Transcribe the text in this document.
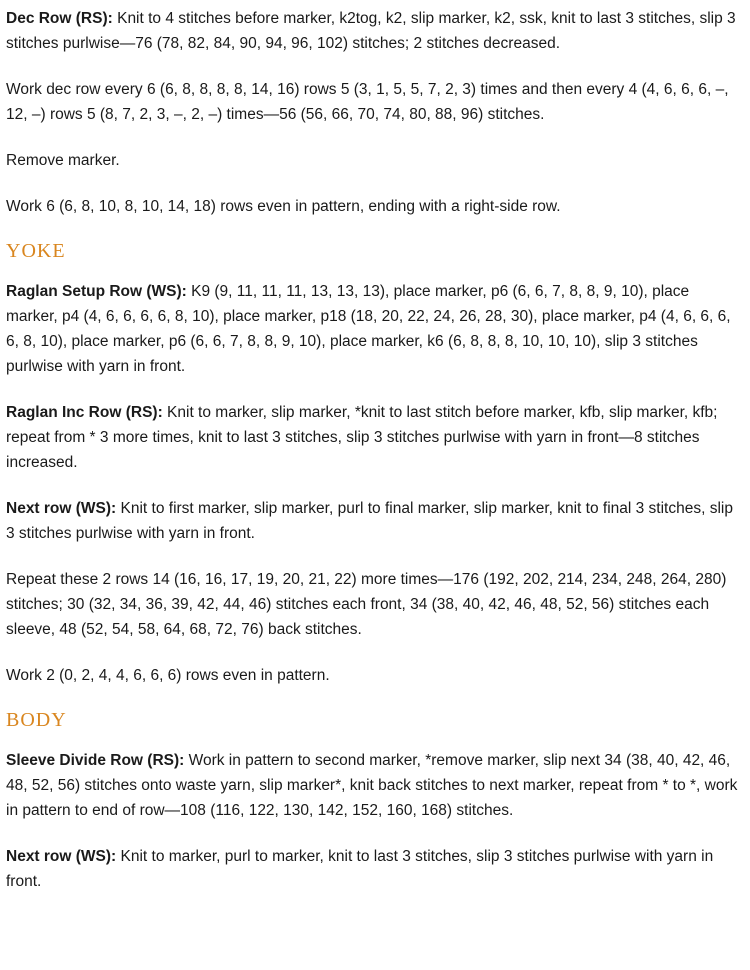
Dec Row (RS): Knit to 4 stitches before marker, k2tog, k2, slip marker, k2, ssk, knit to last 3 stitches, slip 3 stitches purlwise—76 (78, 82, 84, 90, 94, 96, 102) stitches; 2 stitches decreased.

Work dec row every 6 (6, 8, 8, 8, 8, 14, 16) rows 5 (3, 1, 5, 5, 7, 2, 3) times and then every 4 (4, 6, 6, 6, –, 12, –) rows 5 (8, 7, 2, 3, –, 2, –) times—56 (56, 66, 70, 74, 80, 88, 96) stitches.

Remove marker.

Work 6 (6, 8, 10, 8, 10, 14, 18) rows even in pattern, ending with a right-side row.

YOKE

Raglan Setup Row (WS): K9 (9, 11, 11, 11, 13, 13, 13), place marker, p6 (6, 6, 7, 8, 8, 9, 10), place marker, p4 (4, 6, 6, 6, 6, 8, 10), place marker, p18 (18, 20, 22, 24, 26, 28, 30), place marker, p4 (4, 6, 6, 6, 6, 8, 10), place marker, p6 (6, 6, 7, 8, 8, 9, 10), place marker, k6 (6, 8, 8, 8, 10, 10, 10), slip 3 stitches purlwise with yarn in front.

Raglan Inc Row (RS): Knit to marker, slip marker, *knit to last stitch before marker, kfb, slip marker, kfb; repeat from * 3 more times, knit to last 3 stitches, slip 3 stitches purlwise with yarn in front—8 stitches increased.

Next row (WS): Knit to first marker, slip marker, purl to final marker, slip marker, knit to final 3 stitches, slip 3 stitches purlwise with yarn in front.

Repeat these 2 rows 14 (16, 16, 17, 19, 20, 21, 22) more times—176 (192, 202, 214, 234, 248, 264, 280) stitches; 30 (32, 34, 36, 39, 42, 44, 46) stitches each front, 34 (38, 40, 42, 46, 48, 52, 56) stitches each sleeve, 48 (52, 54, 58, 64, 68, 72, 76) back stitches.

Work 2 (0, 2, 4, 4, 6, 6, 6) rows even in pattern.

BODY

Sleeve Divide Row (RS): Work in pattern to second marker, *remove marker, slip next 34 (38, 40, 42, 46, 48, 52, 56) stitches onto waste yarn, slip marker*, knit back stitches to next marker, repeat from * to *, work in pattern to end of row—108 (116, 122, 130, 142, 152, 160, 168) stitches.

Next row (WS): Knit to marker, purl to marker, knit to last 3 stitches, slip 3 stitches purlwise with yarn in front.
